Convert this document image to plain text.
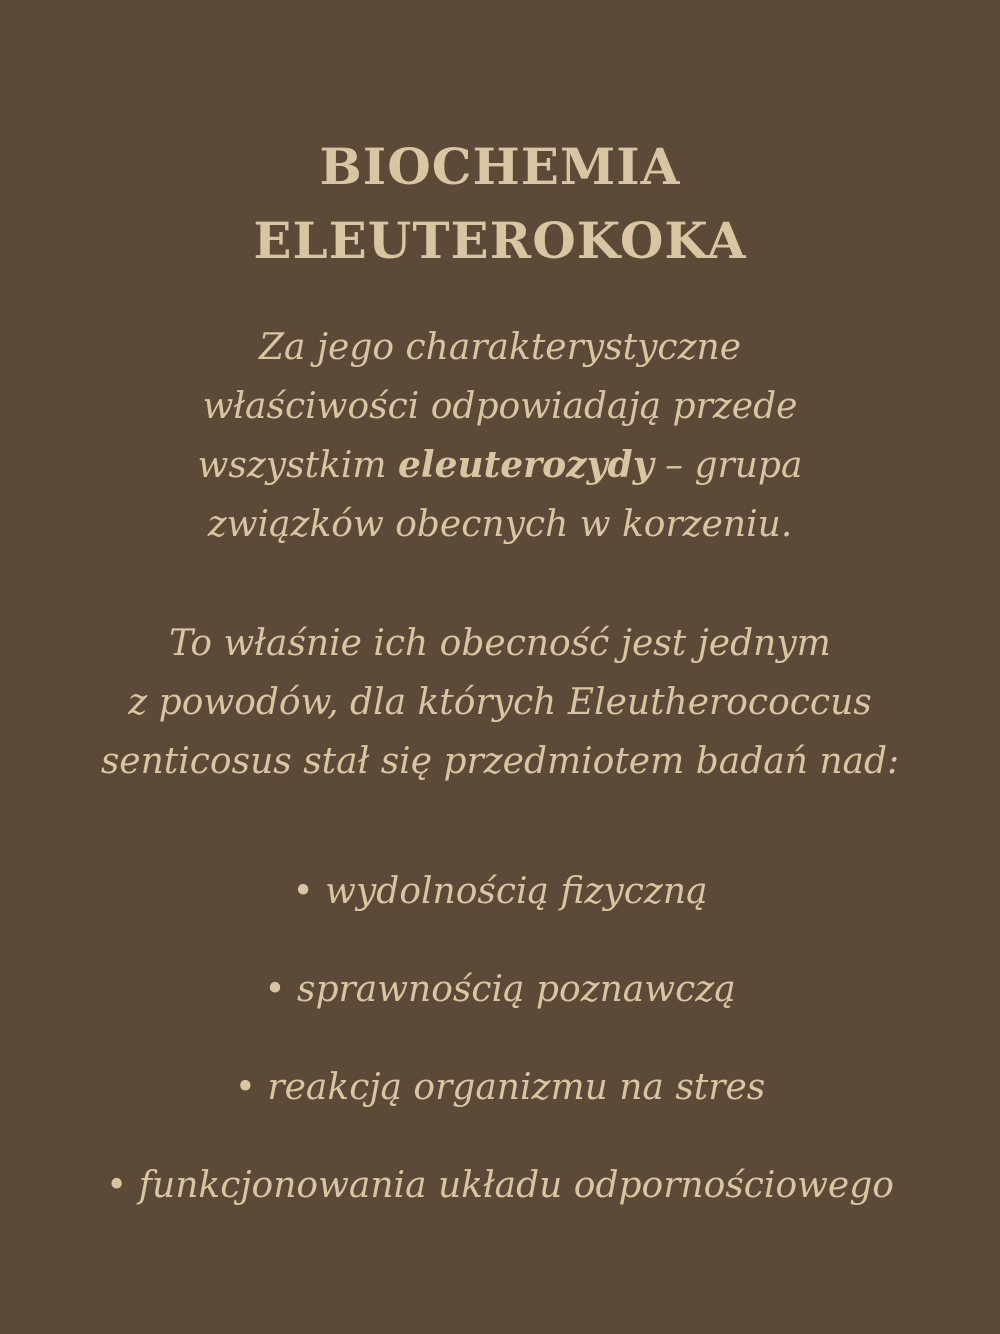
BIOCHEMIA
ELEUTEROKOKA

Za jego charakterystyczne
właściwości odpowiadają przede
wszystkim eleuterozydy – grupa
związków obecnych w korzeniu.

To właśnie ich obecność jest jednym
z powodów, dla których Eleutherococcus
senticosus stał się przedmiotem badań nad:

• wydolnością fizyczną
• sprawnością poznawczą
• reakcją organizmu na stres
• funkcjonowania układu odpornościowego
